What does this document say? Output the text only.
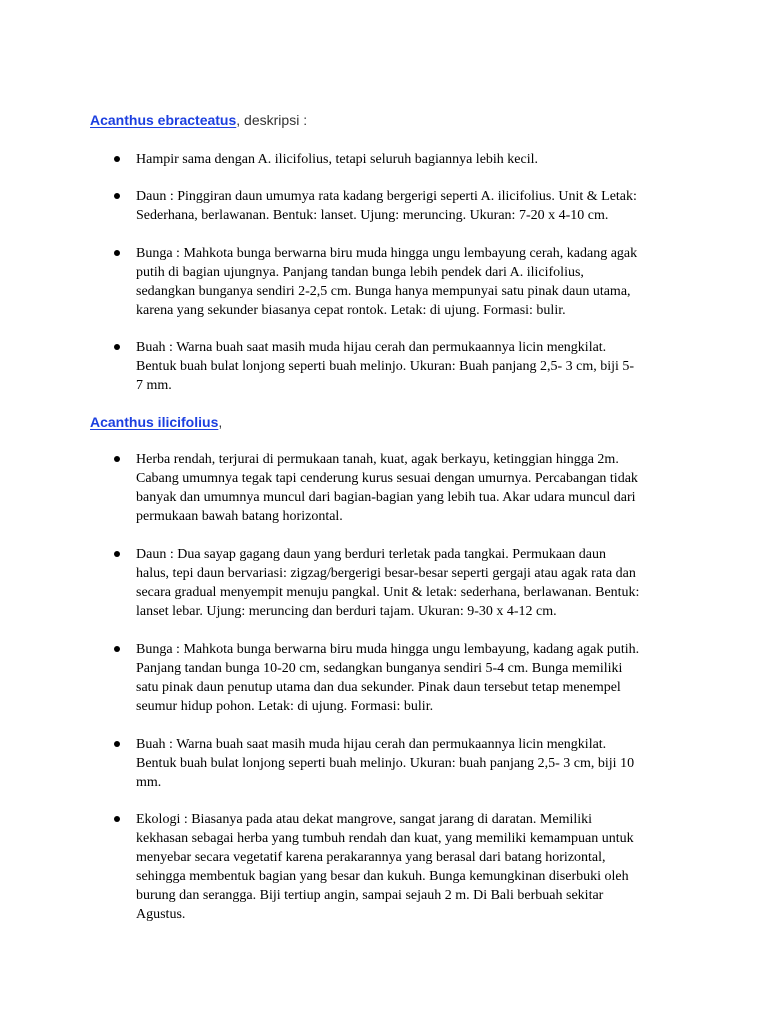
Acanthus ebracteatus, deskripsi :

Hampir sama dengan A. ilicifolius, tetapi seluruh bagiannya lebih kecil.

Daun : Pinggiran daun umumya rata kadang bergerigi seperti A. ilicifolius. Unit & Letak:
Sederhana, berlawanan. Bentuk: lanset. Ujung: meruncing. Ukuran: 7-20 x 4-10 cm.

Bunga : Mahkota bunga berwarna biru muda hingga ungu lembayung cerah, kadang agak
putih di bagian ujungnya. Panjang tandan bunga lebih pendek dari A. ilicifolius,
sedangkan bunganya sendiri 2-2,5 cm. Bunga hanya mempunyai satu pinak daun utama,
karena yang sekunder biasanya cepat rontok. Letak: di ujung. Formasi: bulir.

Buah : Warna buah saat masih muda hijau cerah dan permukaannya licin mengkilat.
Bentuk buah bulat lonjong seperti buah melinjo. Ukuran: Buah panjang 2,5- 3 cm, biji 5-
7 mm.

Acanthus ilicifolius,

Herba rendah, terjurai di permukaan tanah, kuat, agak berkayu, ketinggian hingga 2m.
Cabang umumnya tegak tapi cenderung kurus sesuai dengan umurnya. Percabangan tidak
banyak dan umumnya muncul dari bagian-bagian yang lebih tua. Akar udara muncul dari
permukaan bawah batang horizontal.

Daun : Dua sayap gagang daun yang berduri terletak pada tangkai. Permukaan daun
halus, tepi daun bervariasi: zigzag/bergerigi besar-besar seperti gergaji atau agak rata dan
secara gradual menyempit menuju pangkal. Unit & letak: sederhana, berlawanan. Bentuk:
lanset lebar. Ujung: meruncing dan berduri tajam. Ukuran: 9-30 x 4-12 cm.

Bunga : Mahkota bunga berwarna biru muda hingga ungu lembayung, kadang agak putih.
Panjang tandan bunga 10-20 cm, sedangkan bunganya sendiri 5-4 cm. Bunga memiliki
satu pinak daun penutup utama dan dua sekunder. Pinak daun tersebut tetap menempel
seumur hidup pohon. Letak: di ujung. Formasi: bulir.

Buah : Warna buah saat masih muda hijau cerah dan permukaannya licin mengkilat.
Bentuk buah bulat lonjong seperti buah melinjo. Ukuran: buah panjang 2,5- 3 cm, biji 10
mm.

Ekologi : Biasanya pada atau dekat mangrove, sangat jarang di daratan. Memiliki
kekhasan sebagai herba yang tumbuh rendah dan kuat, yang memiliki kemampuan untuk
menyebar secara vegetatif karena perakarannya yang berasal dari batang horizontal,
sehingga membentuk bagian yang besar dan kukuh. Bunga kemungkinan diserbuki oleh
burung dan serangga. Biji tertiup angin, sampai sejauh 2 m. Di Bali berbuah sekitar
Agustus.
